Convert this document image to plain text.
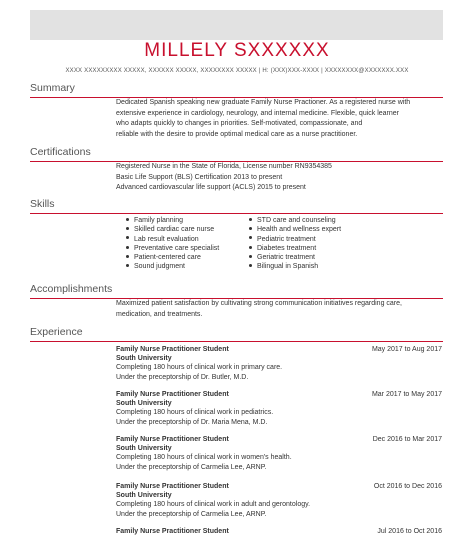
MILLELY SXXXXXX
XXXX XXXXXXXXX XXXXX, XXXXXX XXXXX, XXXXXXXX XXXXX | H: (XXX)XXX-XXXX | XXXXXXXX@XXXXXXX.XXX
Summary
Dedicated Spanish speaking new graduate Family Nurse Practioner. As a registered nurse with
extensive experience in cardiology, neurology, and internal medicine. Flexible, quick learner
who adapts quickly to changes in priorities. Self-motivated, compassionate, and
reliable with the desire to provide optimal medical care as a nurse practitioner.
Certifications
Registered Nurse in the State of Florida, License number RN9354385
Basic Life Support (BLS) Certification 2013 to present
Advanced cardiovascular life support (ACLS) 2015 to present
Skills
Family planning
Skilled cardiac care nurse
Lab result evaluation
Preventative care specialist
Patient-centered care
Sound judgment
STD care and counseling
Health and wellness expert
Pediatric treatment
Diabetes treatment
Geriatric treatment
Bilingual in Spanish
Accomplishments
Maximized patient satisfaction by cultivating strong communication initiatives regarding care,
medication, and treatments.
Experience
Family Nurse Practitioner Student	May 2017 to Aug 2017
South University
Completing 180 hours of clinical work in primary care.
Under the preceptorship of Dr. Butler, M.D.
Family Nurse Practitioner Student	Mar 2017 to May 2017
South University
Completing 180 hours of clinical work in pediatrics.
Under the preceptorship of Dr. Maria Mena, M.D.
Family Nurse Practitioner Student	Dec 2016 to Mar 2017
South University
Completing 180 hours of clinical work in women's health.
Under the preceptorship of Carmelia Lee, ARNP.
Family Nurse Practitioner Student	Oct 2016 to Dec 2016
South University
Completing 180 hours of clinical work in adult and gerontology.
Under the preceptorship of Carmelia Lee, ARNP.
Family Nurse Practitioner Student	Jul 2016 to Oct 2016
